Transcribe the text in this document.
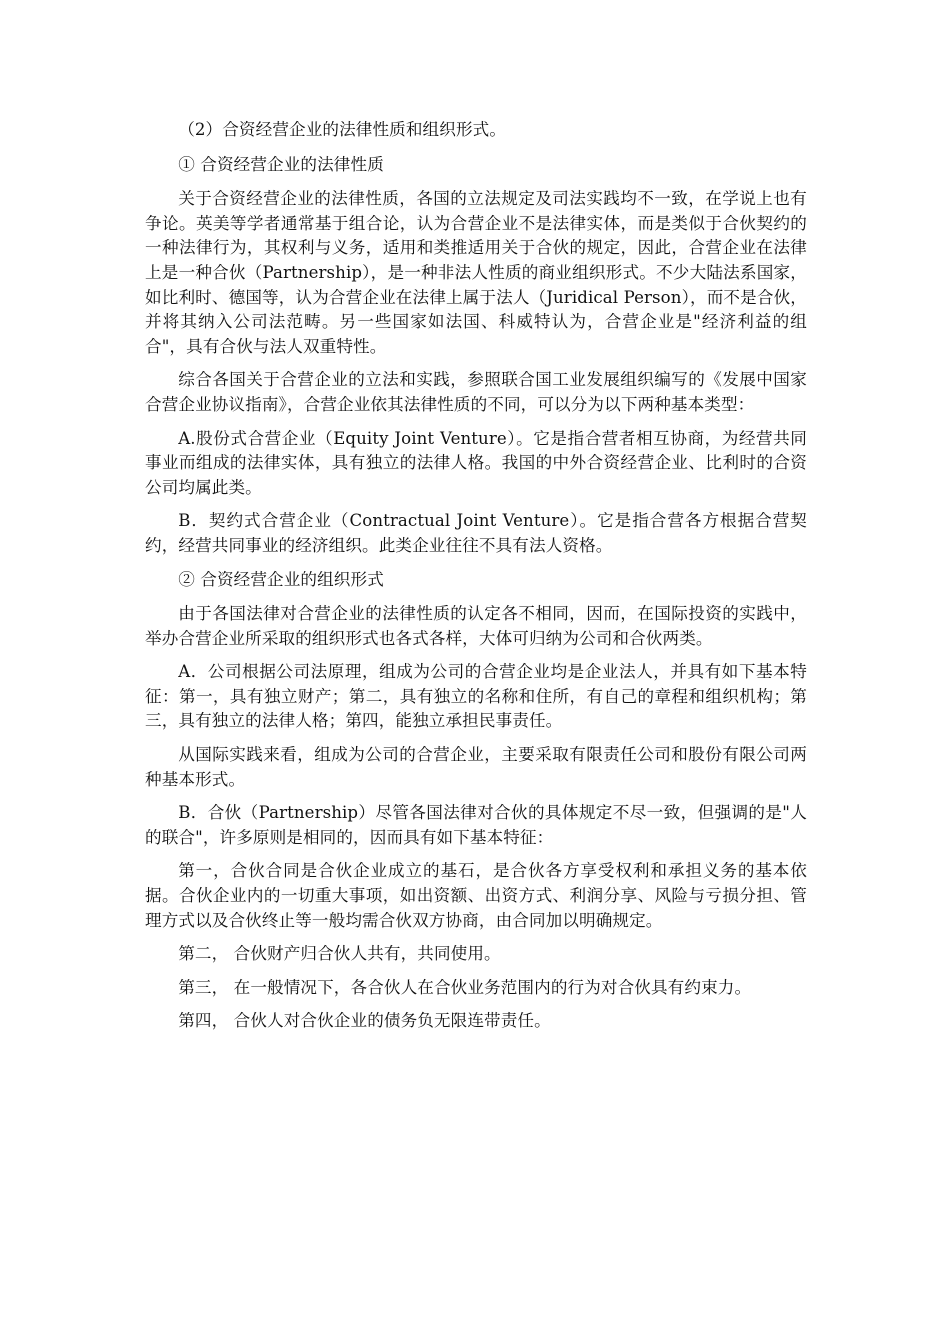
（2）合资经营企业的法律性质和组织形式。

① 合资经营企业的法律性质

关于合资经营企业的法律性质，各国的立法规定及司法实践均不一致，在学说上也有争论。英美等学者通常基于组合论，认为合营企业不是法律实体，而是类似于合伙契约的一种法律行为，其权利与义务，适用和类推适用关于合伙的规定，因此，合营企业在法律上是一种合伙（Partnership），是一种非法人性质的商业组织形式。不少大陆法系国家，如比利时、德国等，认为合营企业在法律上属于法人（Juridical Person），而不是合伙，并将其纳入公司法范畴。另一些国家如法国、科威特认为，合营企业是"经济利益的组合"，具有合伙与法人双重特性。

综合各国关于合营企业的立法和实践，参照联合国工业发展组织编写的《发展中国家合营企业协议指南》，合营企业依其法律性质的不同，可以分为以下两种基本类型：

A.股份式合营企业（Equity Joint Venture）。它是指合营者相互协商，为经营共同事业而组成的法律实体，具有独立的法律人格。我国的中外合资经营企业、比利时的合资公司均属此类。

B．契约式合营企业（Contractual Joint Venture）。它是指合营各方根据合营契约，经营共同事业的经济组织。此类企业往往不具有法人资格。

② 合资经营企业的组织形式

由于各国法律对合营企业的法律性质的认定各不相同，因而，在国际投资的实践中，举办合营企业所采取的组织形式也各式各样，大体可归纳为公司和合伙两类。

A．公司根据公司法原理，组成为公司的合营企业均是企业法人，并具有如下基本特征：第一，具有独立财产；第二，具有独立的名称和住所，有自己的章程和组织机构；第三，具有独立的法律人格；第四，能独立承担民事责任。

从国际实践来看，组成为公司的合营企业，主要采取有限责任公司和股份有限公司两种基本形式。

B．合伙（Partnership）尽管各国法律对合伙的具体规定不尽一致，但强调的是"人的联合"，许多原则是相同的，因而具有如下基本特征：

第一，合伙合同是合伙企业成立的基石，是合伙各方享受权利和承担义务的基本依据。合伙企业内的一切重大事项，如出资额、出资方式、利润分享、风险与亏损分担、管理方式以及合伙终止等一般均需合伙双方协商，由合同加以明确规定。

第二， 合伙财产归合伙人共有，共同使用。

第三， 在一般情况下，各合伙人在合伙业务范围内的行为对合伙具有约束力。

第四， 合伙人对合伙企业的债务负无限连带责任。
